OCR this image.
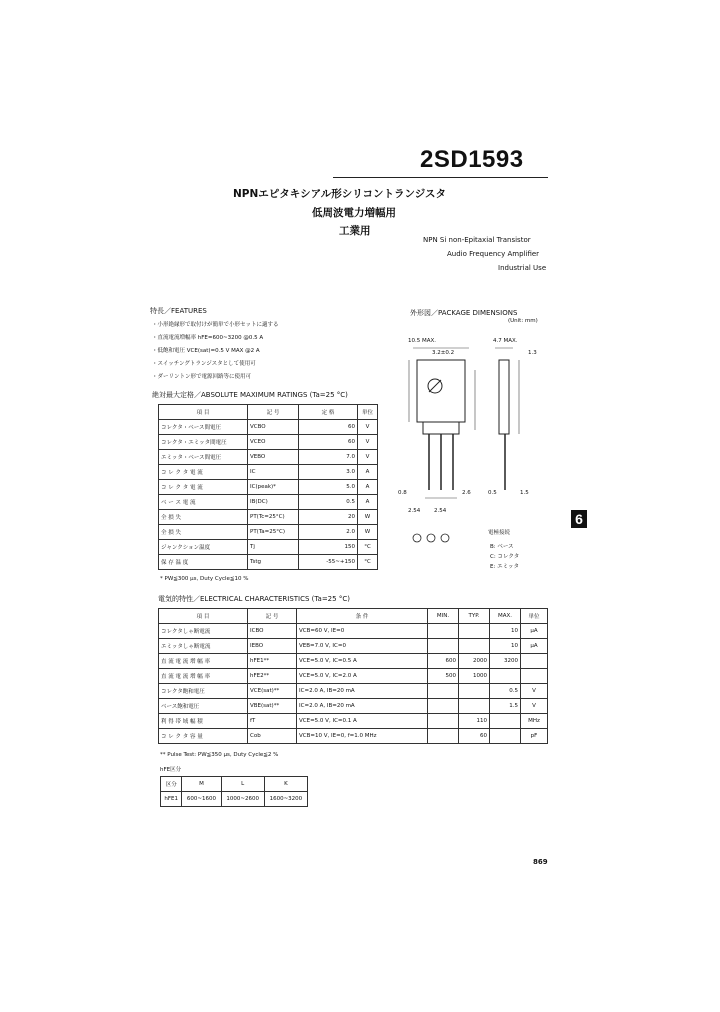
2SD1593
NPNエピタキシアル形シリコントランジスタ
低周波電力増幅用
工業用
NPN Si non-Epitaxial Transistor
Audio Frequency Amplifier
Industrial Use
特長／FEATURES
・小形絶縁形で取付けが簡単で小形セットに適する
・直流電流増幅率 hFE=600~3200 @0.5 A
・低飽和電圧 VCE(sat)=0.5 V MAX @2 A
・スイッチングトランジスタとして使用可
・ダーリントン形で電源回路等に使用可
絶対最大定格／ABSOLUTE MAXIMUM RATINGS (Ta=25 °C)
項 目	記 号	定 格	単位
コレクタ・ベース間電圧	VCBO	60	V
コレクタ・エミッタ間電圧	VCEO	60	V
エミッタ・ベース間電圧	VEBO	7.0	V
コ レ ク タ 電 流	IC	3.0	A
コ レ ク タ 電 流	IC(peak)*	5.0	A
ベ ー ス 電 流	IB(DC)	0.5	A
全 損 失	PT(Tc=25°C)	20	W
全 損 失	PT(Ta=25°C)	2.0	W
ジャンクション温度	Tj	150	°C
保 存 温 度	Tstg	-55~+150	°C
* PW≦300 μs, Duty Cycle≦10 %
外形図／PACKAGE DIMENSIONS
(Unit: mm)
10.5 MAX.
3.2±0.2
4.7 MAX.
1.3
0.8
2.54	2.54
2.6	0.5	1.5
電極接続
B: ベース
C: コレクタ
E: エミッタ
6
電気的特性／ELECTRICAL CHARACTERISTICS (Ta=25 °C)
項 目	記 号	条 件	MIN.	TYP.	MAX.	単位
コレクタしゃ断電流	ICBO	VCB=60 V, IE=0			10	μA
エミッタしゃ断電流	IEBO	VEB=7.0 V, IC=0			10	μA
直 流 電 流 増 幅 率	hFE1**	VCE=5.0 V, IC=0.5 A	600	2000	3200	
直 流 電 流 増 幅 率	hFE2**	VCE=5.0 V, IC=2.0 A	500	1000		
コレクタ飽和電圧	VCE(sat)**	IC=2.0 A, IB=20 mA			0.5	V
ベース飽和電圧	VBE(sat)**	IC=2.0 A, IB=20 mA			1.5	V
利 得 帯 域 幅 積	fT	VCE=5.0 V, IC=0.1 A		110		MHz
コ レ ク タ 容 量	Cob	VCB=10 V, IE=0, f=1.0 MHz		60		pF
** Pulse Test: PW≦350 μs, Duty Cycle≦2 %
hFE区分
区分	M	L	K
hFE1	600~1600	1000~2600	1600~3200
869
